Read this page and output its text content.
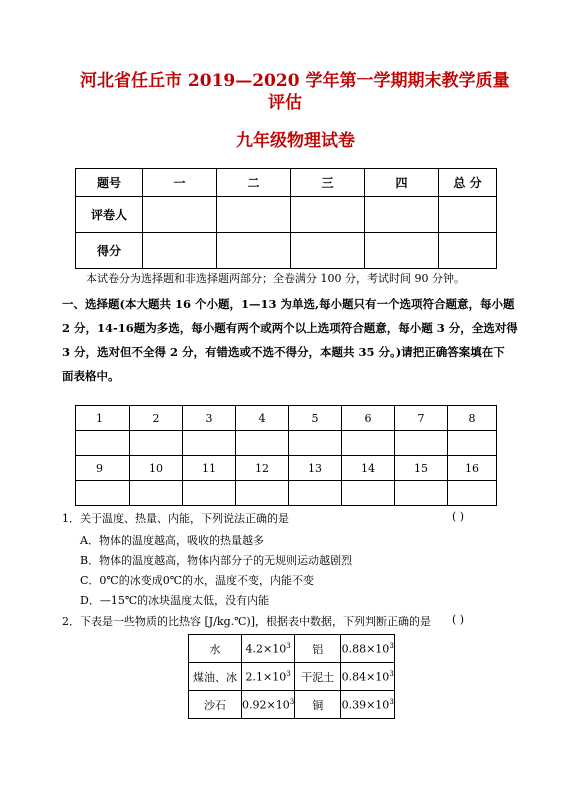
河北省任丘市 2019—2020 学年第一学期期末教学质量
评估
九年级物理试卷
题号	一	二	三	四	总 分
评卷人					
得分					
本试卷分为选择题和非选择题两部分；全卷满分 100 分，考试时间 90 分钟。
一、选择题(本大题共 16 个小题，1—13 为单选,每小题只有一个选项符合题意，每小题
2 分，14-16题为多选，每小题有两个或两个以上选项符合题意，每小题 3 分，全选对得
3 分，选对但不全得 2 分，有错选或不选不得分，本题共 35 分。)请把正确答案填在下
面表格中。
1	2	3	4	5	6	7	8

9	10	11	12	13	14	15	16

1．关于温度、热量、内能，下列说法正确的是	( )
A．物体的温度越高，吸收的热量越多
B．物体的温度越高，物体内部分子的无规则运动越剧烈
C．0℃的冰变成0℃的水，温度不变，内能不变
D．—15℃的冰块温度太低，没有内能
2．下表是一些物质的比热容 [J/kg.℃)]，根据表中数据，下列判断正确的是 ( )
水	$4.2\times 10^3$	铝	$0.88\times 10^3$
煤油、冰	$2.1\times 10^3$	干泥土	$0.84\times 10^3$
沙石	$0.92\times 10^3$	铜	$0.39\times 10^3$
